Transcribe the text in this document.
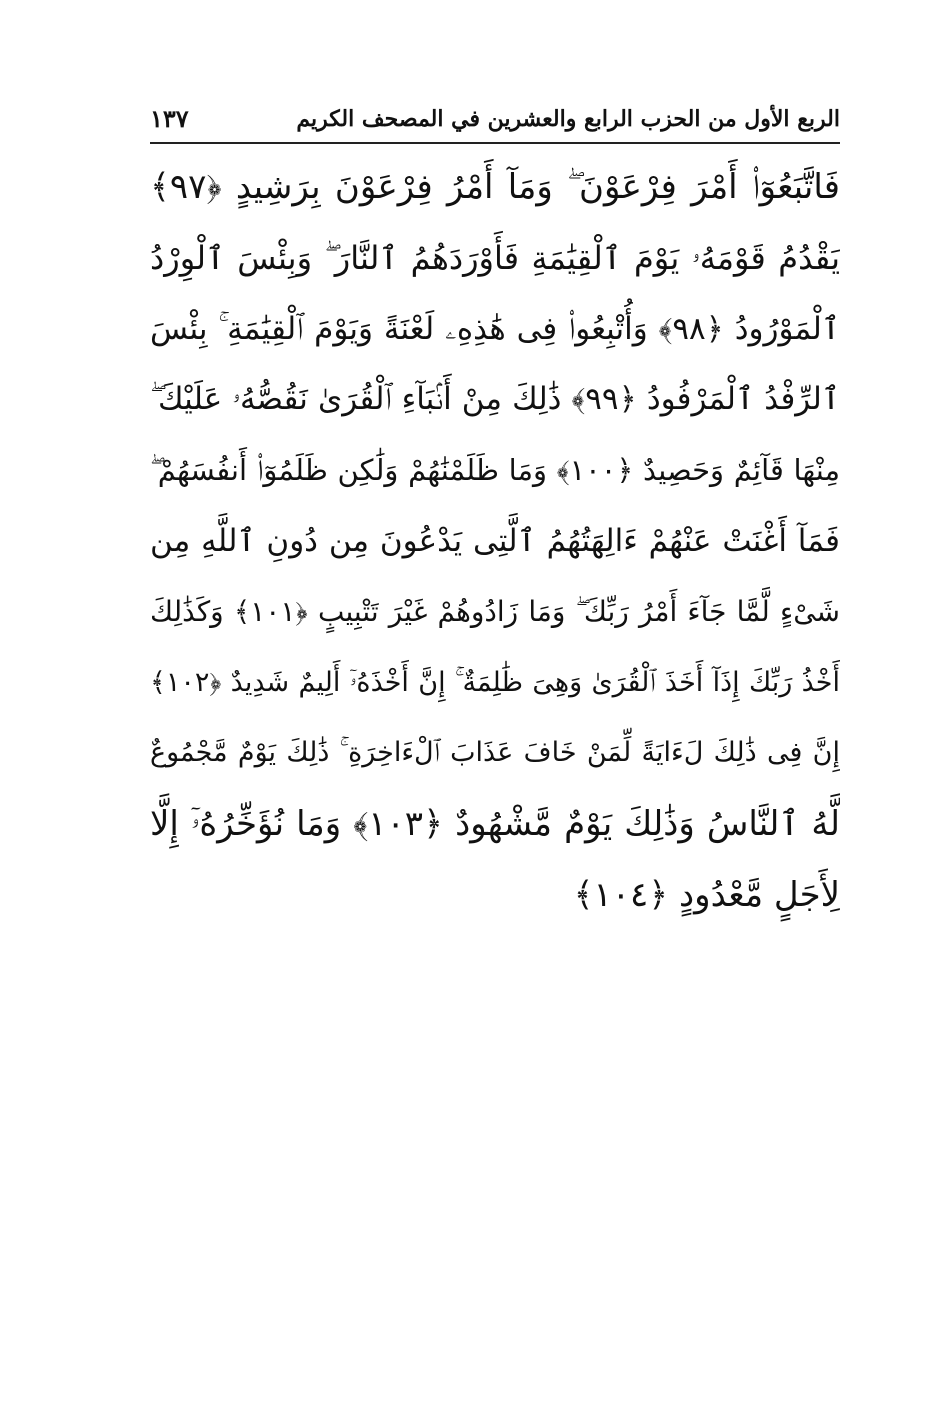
الربع الأول من الحزب الرابع والعشرين في المصحف الكريم
١٣٧
فَاتَّبَعُوٓا۟ أَمْرَ فِرْعَوْنَ ۖ وَمَآ أَمْرُ فِرْعَوْنَ بِرَشِيدٍ ﴿٩٧﴾
يَقْدُمُ قَوْمَهُۥ يَوْمَ ٱلْقِيَٰمَةِ فَأَوْرَدَهُمُ ٱلنَّارَ ۖ وَبِئْسَ ٱلْوِرْدُ
ٱلْمَوْرُودُ ﴿٩٨﴾ وَأُتْبِعُوا۟ فِى هَٰذِهِۦ لَعْنَةً وَيَوْمَ ٱلْقِيَٰمَةِ ۚ بِئْسَ
ٱلرِّفْدُ ٱلْمَرْفُودُ ﴿٩٩﴾ ذَٰلِكَ مِنْ أَنۢبَآءِ ٱلْقُرَىٰ نَقُصُّهُۥ عَلَيْكَ ۖ
مِنْهَا قَآئِمٌ وَحَصِيدٌ ﴿١٠٠﴾ وَمَا ظَلَمْنَٰهُمْ وَلَٰكِن ظَلَمُوٓا۟ أَنفُسَهُمْ ۖ
فَمَآ أَغْنَتْ عَنْهُمْ ءَالِهَتُهُمُ ٱلَّتِى يَدْعُونَ مِن دُونِ ٱللَّهِ مِن
شَىْءٍ لَّمَّا جَآءَ أَمْرُ رَبِّكَ ۖ وَمَا زَادُوهُمْ غَيْرَ تَتْبِيبٍ ﴿١٠١﴾ وَكَذَٰلِكَ
أَخْذُ رَبِّكَ إِذَآ أَخَذَ ٱلْقُرَىٰ وَهِىَ ظَٰلِمَةٌ ۚ إِنَّ أَخْذَهُۥٓ أَلِيمٌ شَدِيدٌ ﴿١٠٢﴾
إِنَّ فِى ذَٰلِكَ لَءَايَةً لِّمَنْ خَافَ عَذَابَ ٱلْءَاخِرَةِ ۚ ذَٰلِكَ يَوْمٌ مَّجْمُوعٌ
لَّهُ ٱلنَّاسُ وَذَٰلِكَ يَوْمٌ مَّشْهُودٌ ﴿١٠٣﴾ وَمَا نُؤَخِّرُهُۥٓ إِلَّا
لِأَجَلٍ مَّعْدُودٍ ﴿١٠٤﴾
